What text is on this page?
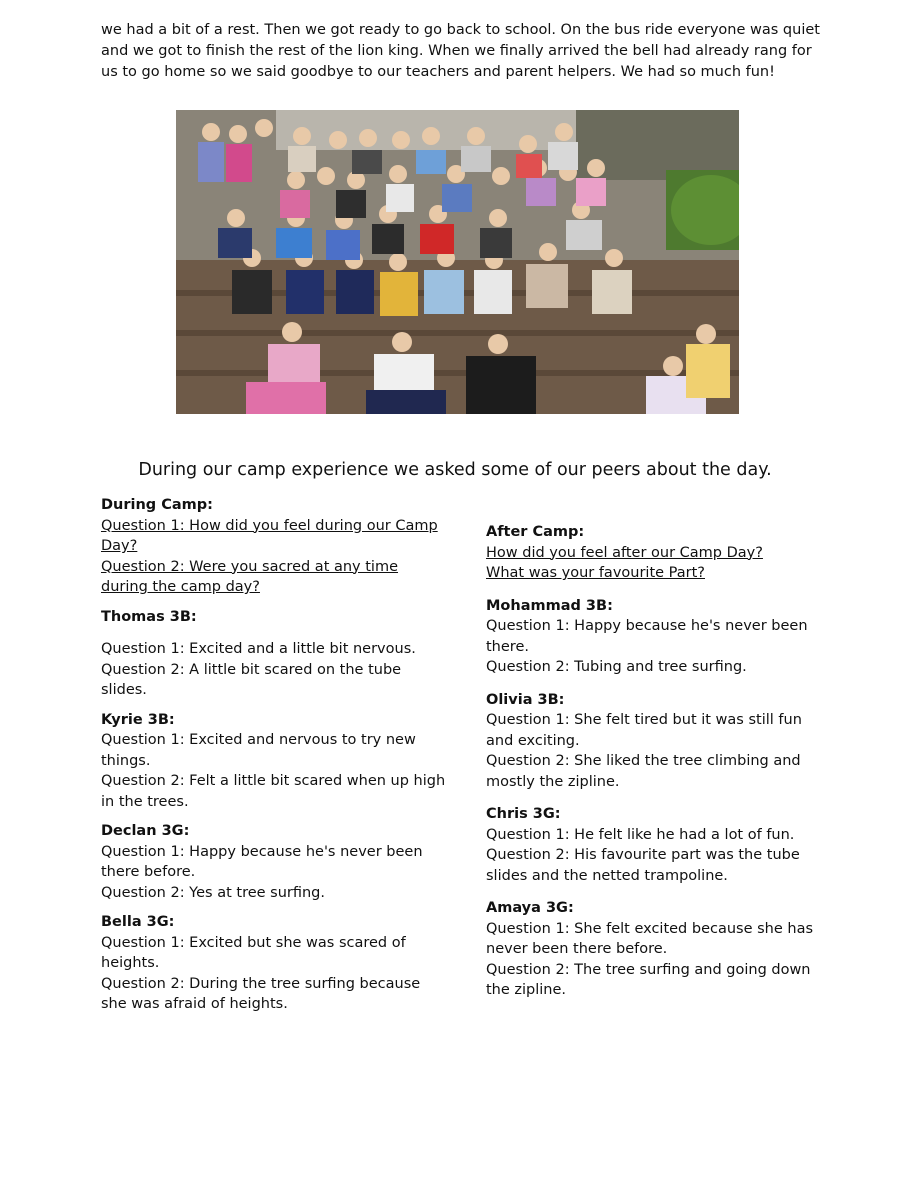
we had a bit of a rest. Then we got ready to go back to school. On the bus ride everyone was quiet and we got to finish the rest of the lion king. When we finally arrived the bell had already rang for us to go home so we said goodbye to our teachers and parent helpers. We had so much fun!

During our camp experience we asked some of our peers about the day.
During Camp:
Question 1: How did you feel during our Camp Day?
Question 2: Were you sacred at any time during the camp day?
Thomas 3B:
Question 1: Excited and a little bit nervous.
Question 2: A little bit scared on the tube slides.
Kyrie 3B:
Question 1: Excited and nervous to try new things.
Question 2: Felt a little bit scared when up high in the trees.
Declan 3G:
Question 1: Happy because he's never been there before.
Question 2: Yes at tree surfing.
Bella 3G:
Question 1: Excited but she was scared of heights.
Question 2: During the tree surfing because she was afraid of heights.
After Camp:
How did you feel after our Camp Day?
What was your favourite Part?
Mohammad 3B:
Question 1: Happy because he's never been there.
Question 2: Tubing and tree surfing.
Olivia 3B:
Question 1: She felt tired but it was still fun and exciting.
Question 2: She liked the tree climbing and mostly the zipline.
Chris 3G:
Question 1: He felt like he had a lot of fun.
Question 2: His favourite part was the tube slides and the netted trampoline.
Amaya 3G:
Question 1: She felt excited because she has never been there before.
Question 2: The tree surfing and going down the zipline.
